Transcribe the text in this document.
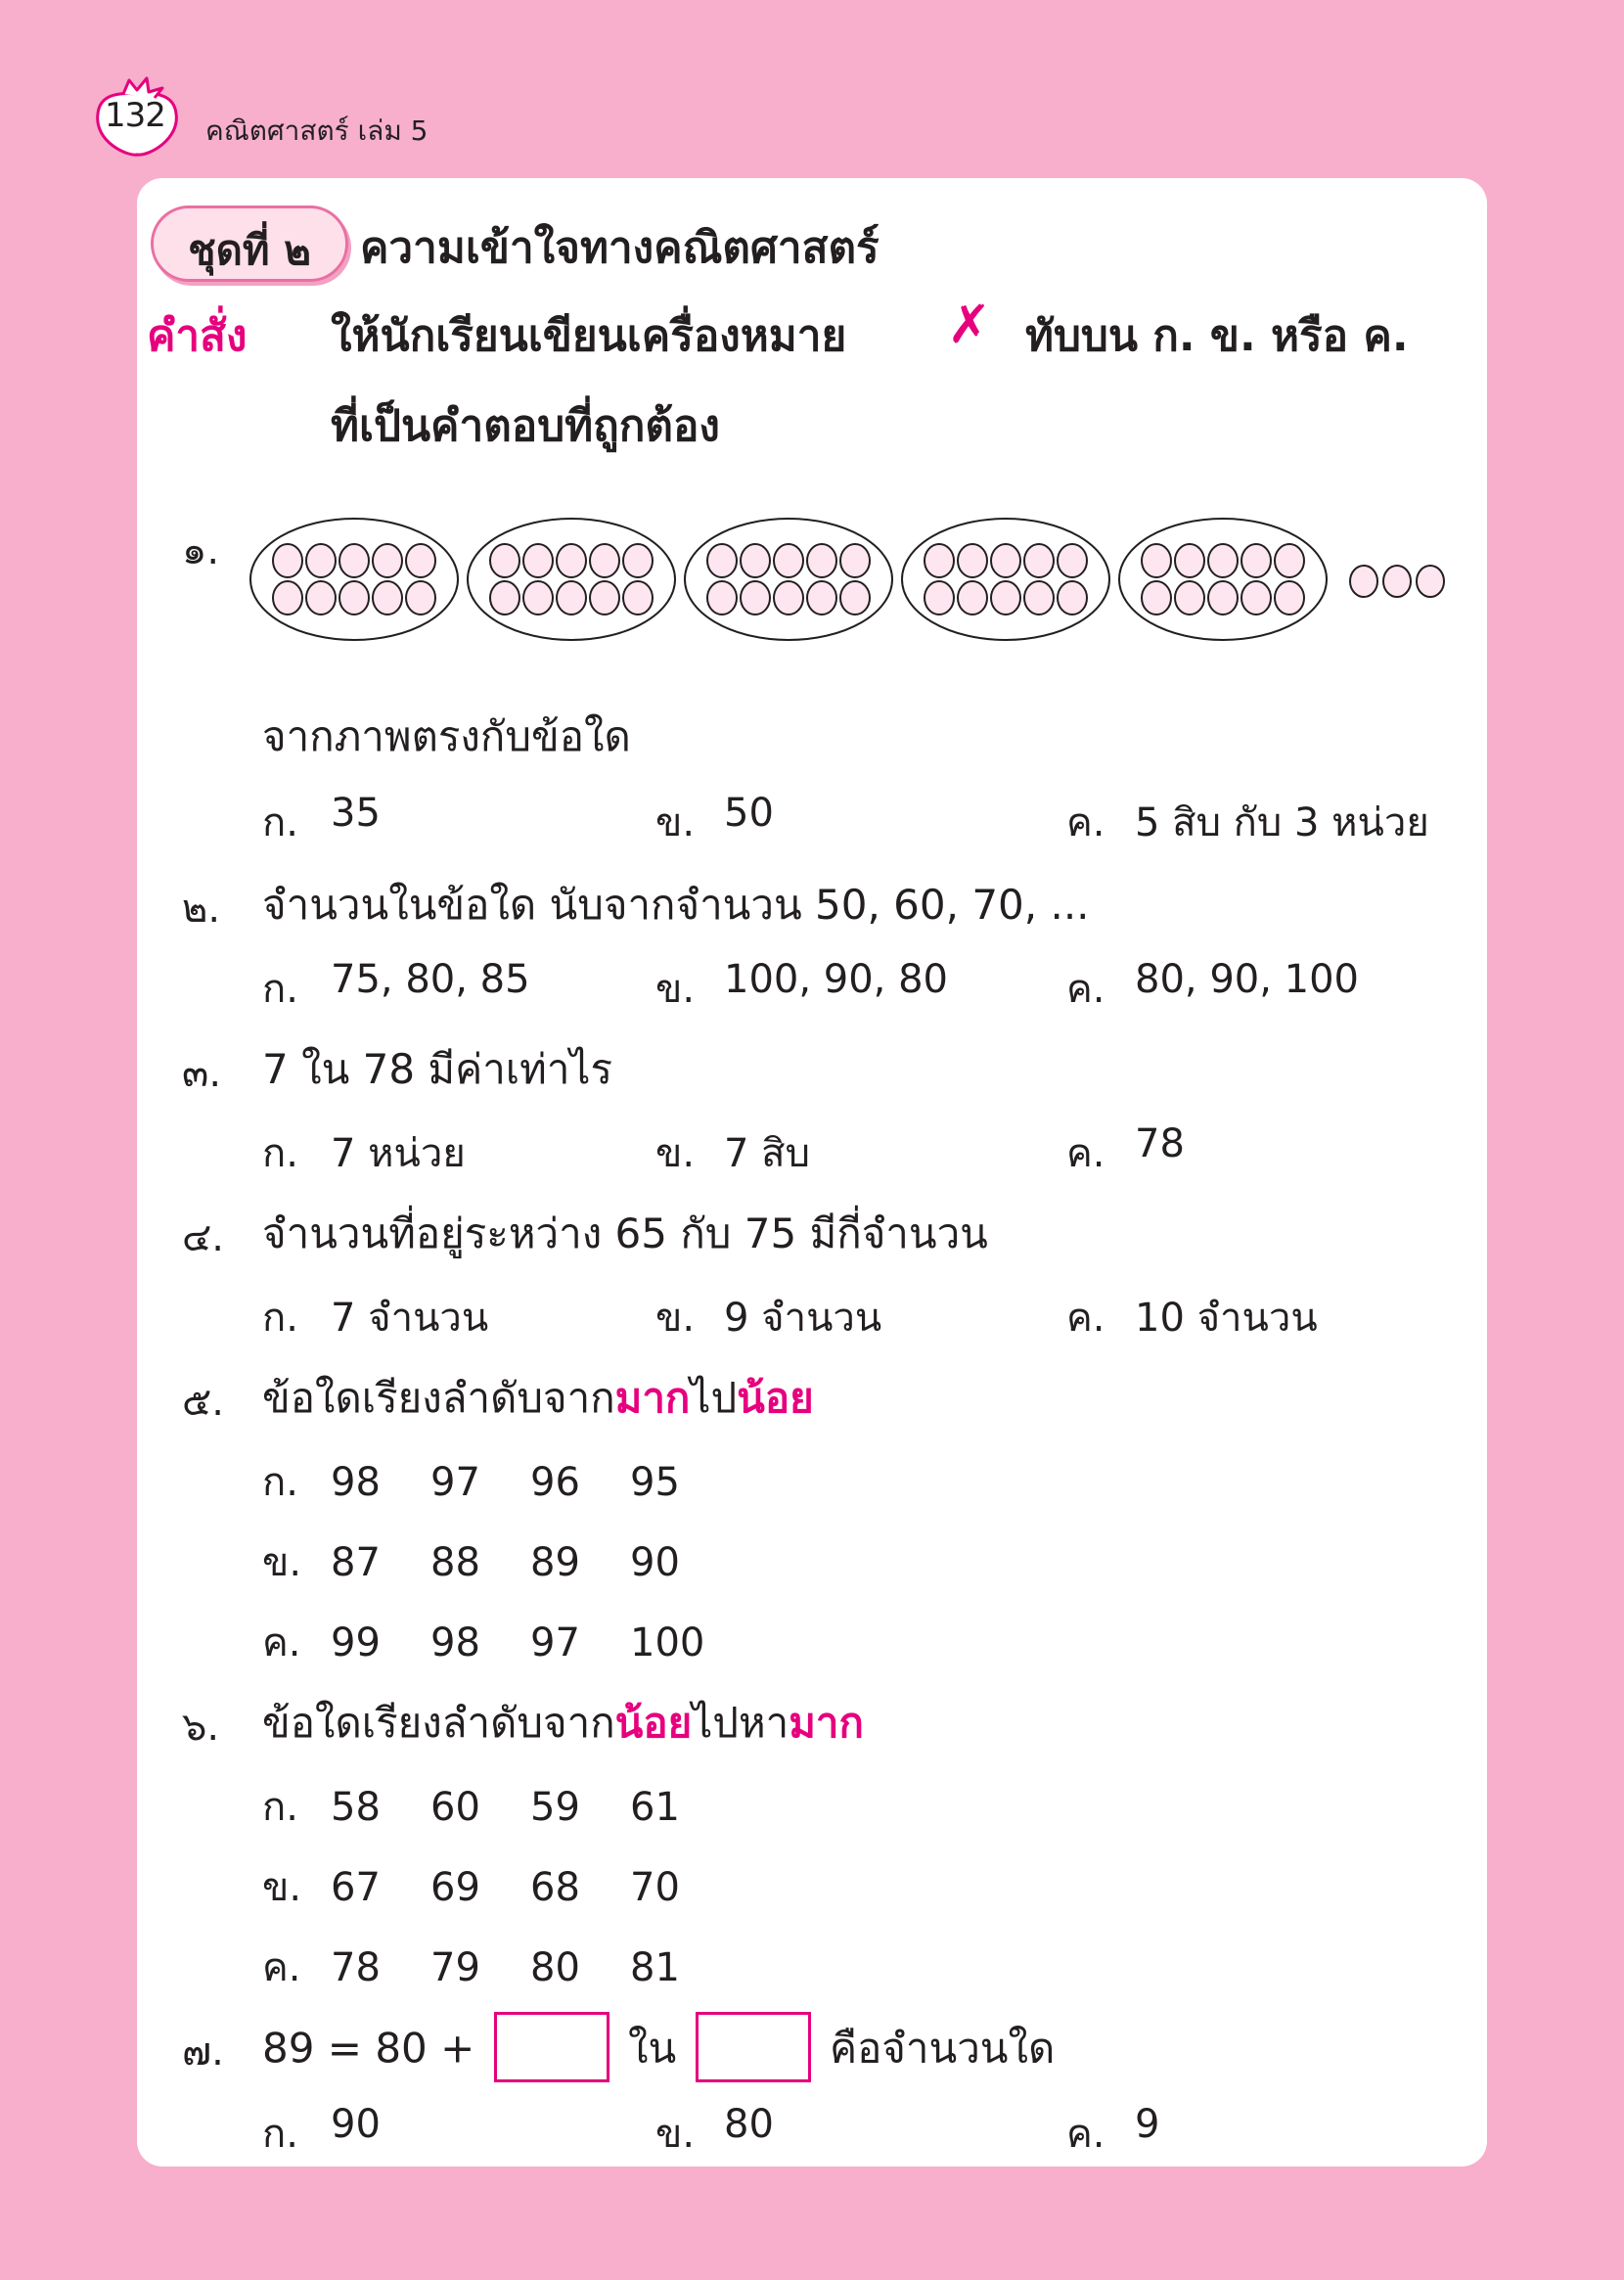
132	คณิตศาสตร์ เล่ม 5
ชุดที่ ๒	ความเข้าใจทางคณิตศาสตร์
คำสั่ง ให้นักเรียนเขียนเครื่องหมาย ✗ ทับบน ก. ข. หรือ ค.
ที่เป็นคำตอบที่ถูกต้อง
๑.
จากภาพตรงกับข้อใด
ก. 35	ข. 50	ค. 5 สิบ กับ 3 หน่วย
๒. จำนวนในข้อใด นับจากจำนวน 50, 60, 70, ...
ก. 75, 80, 85	ข. 100, 90, 80	ค. 80, 90, 100
๓. 7 ใน 78 มีค่าเท่าไร
ก. 7 หน่วย	ข. 7 สิบ	ค. 78
๔. จำนวนที่อยู่ระหว่าง 65 กับ 75 มีกี่จำนวน
ก. 7 จำนวน	ข. 9 จำนวน	ค. 10 จำนวน
๕. ข้อใดเรียงลำดับจากมากไปน้อย
ก. 98 97 96 95
ข. 87 88 89 90
ค. 99 98 97 100
๖. ข้อใดเรียงลำดับจากน้อยไปหามาก
ก. 58 60 59 61
ข. 67 69 68 70
ค. 78 79 80 81
๗. 89 = 80 +	ใน	คือจำนวนใด
ก. 90	ข. 80	ค. 9
